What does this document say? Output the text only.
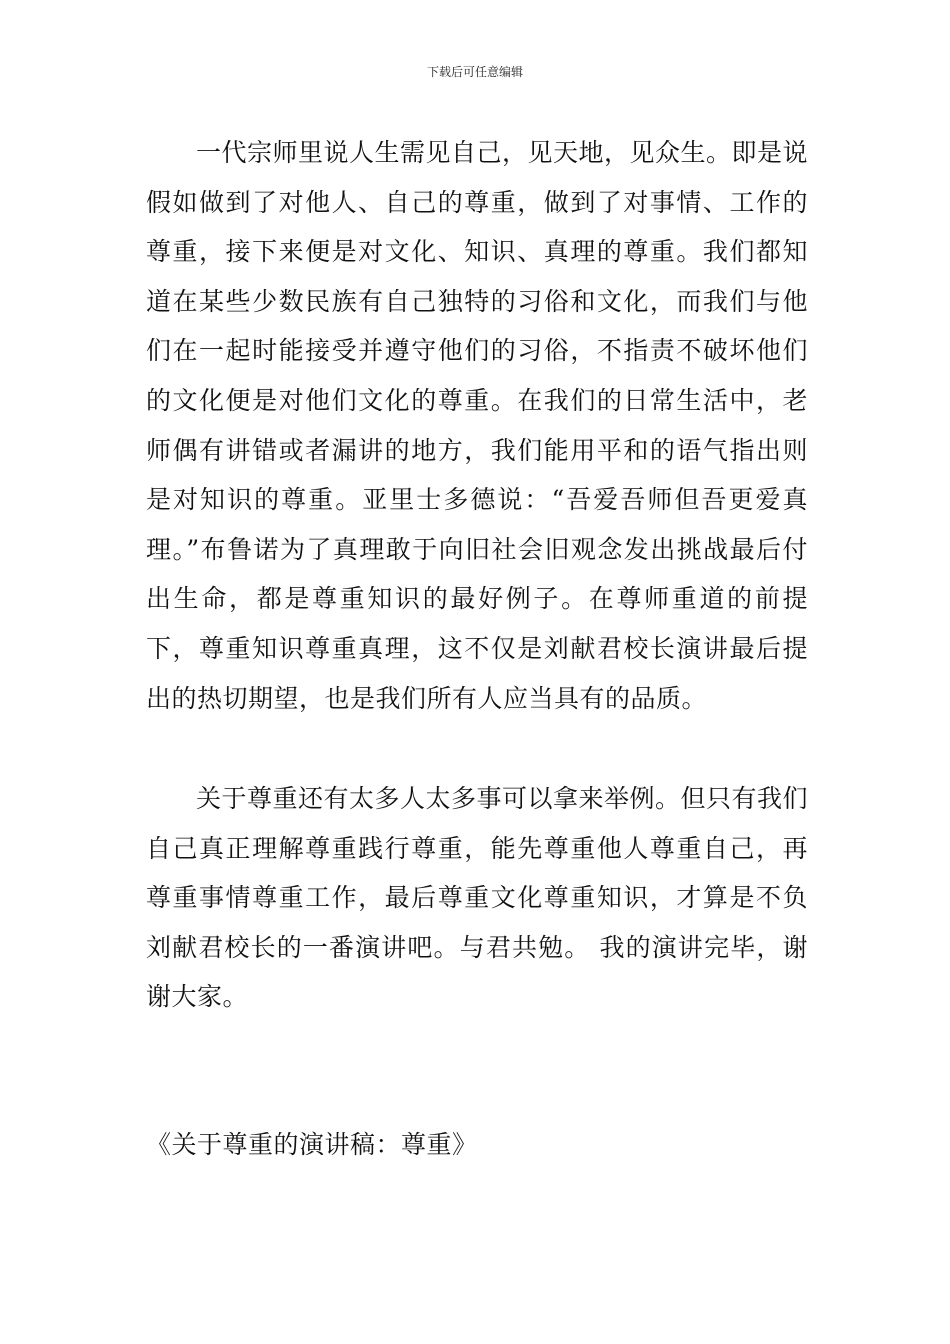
下载后可任意编辑

一代宗师里说人生需见自己，见天地，见众生。即是说假如做到了对他人、自己的尊重，做到了对事情、工作的尊重，接下来便是对文化、知识、真理的尊重。我们都知道在某些少数民族有自己独特的习俗和文化，而我们与他们在一起时能接受并遵守他们的习俗，不指责不破坏他们的文化便是对他们文化的尊重。在我们的日常生活中，老师偶有讲错或者漏讲的地方，我们能用平和的语气指出则是对知识的尊重。亚里士多德说：“吾爱吾师但吾更爱真理。”布鲁诺为了真理敢于向旧社会旧观念发出挑战最后付出生命，都是尊重知识的最好例子。在尊师重道的前提下，尊重知识尊重真理，这不仅是刘献君校长演讲最后提出的热切期望，也是我们所有人应当具有的品质。

关于尊重还有太多人太多事可以拿来举例。但只有我们自己真正理解尊重践行尊重，能先尊重他人尊重自己，再尊重事情尊重工作，最后尊重文化尊重知识，才算是不负刘献君校长的一番演讲吧。与君共勉。 我的演讲完毕，谢谢大家。

《关于尊重的演讲稿：尊重》
